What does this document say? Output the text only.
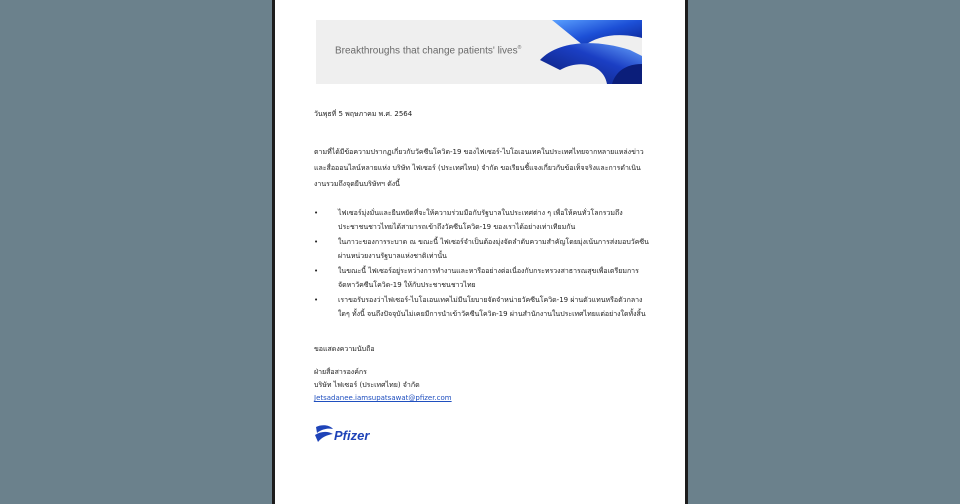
Breakthroughs that change patients' lives®
วันพุธที่ 5 พฤษภาคม พ.ศ. 2564
ตามที่ได้มีข้อความปรากฏเกี่ยวกับวัคซีนโควิด-19 ของไฟเซอร์-ไบโอเอนเทคในประเทศไทยจากหลายแหล่งข่าวและสื่อออนไลน์หลายแห่ง บริษัท ไฟเซอร์ (ประเทศไทย) จำกัด ขอเรียนชี้แจงเกี่ยวกับข้อเท็จจริงและการดำเนินงานรวมถึงจุดยืนบริษัทฯ ดังนี้
•	ไฟเซอร์มุ่งมั่นและยืนหยัดที่จะให้ความร่วมมือกับรัฐบาลในประเทศต่าง ๆ เพื่อให้คนทั่วโลกรวมถึงประชาชนชาวไทยได้สามารถเข้าถึงวัคซีนโควิด-19 ของเราได้อย่างเท่าเทียมกัน
•	ในภาวะของการระบาด ณ ขณะนี้ ไฟเซอร์จำเป็นต้องมุ่งจัดลำดับความสำคัญโดยมุ่งเน้นการส่งมอบวัคซีนผ่านหน่วยงานรัฐบาลแห่งชาติเท่านั้น
•	ในขณะนี้ ไฟเซอร์อยู่ระหว่างการทำงานและหารืออย่างต่อเนื่องกับกระทรวงสาธารณสุขเพื่อเตรียมการจัดหาวัคซีนโควิด-19 ให้กับประชาชนชาวไทย
•	เราขอรับรองว่าไฟเซอร์-ไบโอเอนเทคไม่มีนโยบายจัดจำหน่ายวัคซีนโควิด-19 ผ่านตัวแทนหรือตัวกลางใดๆ ทั้งนี้ จนถึงปัจจุบันไม่เคยมีการนำเข้าวัคซีนโควิด-19 ผ่านสำนักงานในประเทศไทยแต่อย่างใดทั้งสิ้น
ขอแสดงความนับถือ
ฝ่ายสื่อสารองค์กร
บริษัท ไฟเซอร์ (ประเทศไทย) จำกัด
Jetsadanee.iamsupatsawat@pfizer.com
Pfizer
